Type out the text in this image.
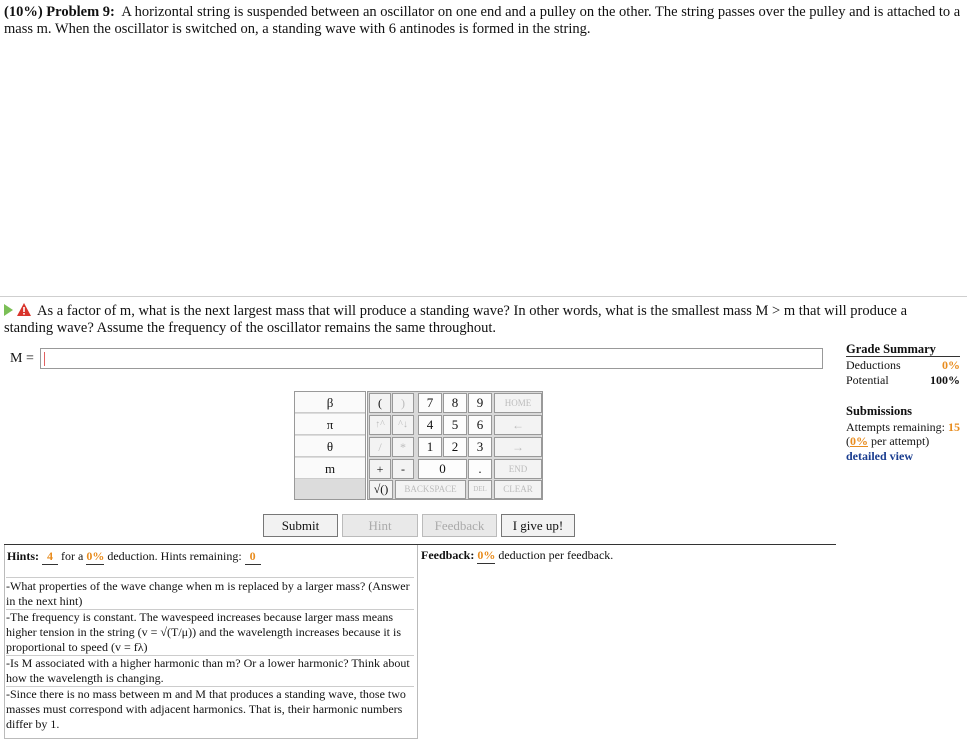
(10%) Problem 9: A horizontal string is suspended between an oscillator on one end and a pulley on the other. The string passes over the pulley and is attached to a mass m. When the oscillator is switched on, a standing wave with 6 antinodes is formed in the string.
As a factor of m, what is the next largest mass that will produce a standing wave? In other words, what is the smallest mass M > m that will produce a standing wave? Assume the frequency of the oscillator remains the same throughout.
M =
β
π
θ
m
(	)	7	8	9	HOME
↑^	^↓	4	5	6	←
/	*	1	2	3	→
+	-	0	.	END
√()	BACKSPACE	DEL	CLEAR
Submit	Hint	Feedback	I give up!
Grade Summary
Deductions	0%
Potential	100%
Submissions
Attempts remaining: 15
(0% per attempt)
detailed view
Hints: 4 for a 0% deduction. Hints remaining: 0
-What properties of the wave change when m is replaced by a larger mass? (Answer in the next hint)
-The frequency is constant. The wavespeed increases because larger mass means higher tension in the string (v = √(T/μ)) and the wavelength increases because it is proportional to speed (v = fλ)
-Is M associated with a higher harmonic than m? Or a lower harmonic? Think about how the wavelength is changing.
-Since there is no mass between m and M that produces a standing wave, those two masses must correspond with adjacent harmonics. That is, their harmonic numbers differ by 1.
Feedback: 0% deduction per feedback.
